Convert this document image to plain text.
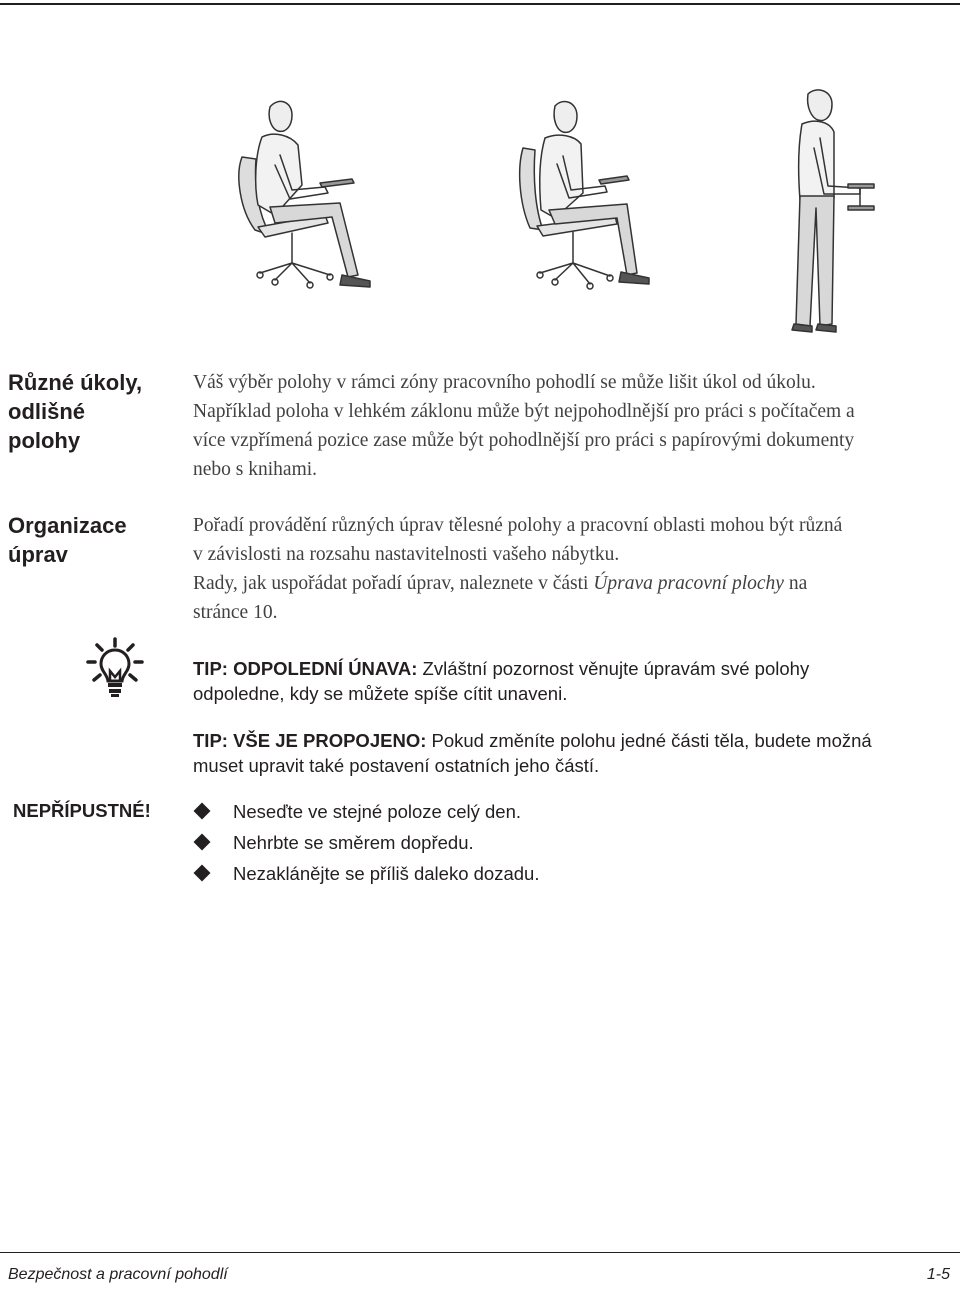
Různé úkoly,
odlišné
polohy
Váš výběr polohy v rámci zóny pracovního pohodlí se může lišit úkol od úkolu.
Například poloha v lehkém záklonu může být nejpohodlnější pro práci s počítačem a
více vzpřímená pozice zase může být pohodlnější pro práci s papírovými dokumenty
nebo s knihami.
Organizace
úprav
Pořadí provádění různých úprav tělesné polohy a pracovní oblasti mohou být různá
v závislosti na rozsahu nastavitelnosti vašeho nábytku.
Rady, jak uspořádat pořadí úprav, naleznete v části Úprava pracovní plochy na
stránce 10.
TIP: ODPOLEDNÍ ÚNAVA: Zvláštní pozornost věnujte úpravám své polohy
odpoledne, kdy se můžete spíše cítit unaveni.
TIP: VŠE JE PROPOJENO: Pokud změníte polohu jedné části těla, budete možná
muset upravit také postavení ostatních jeho částí.
NEPŘÍPUSTNÉ!	Neseďte ve stejné poloze celý den.
Nehrbte se směrem dopředu.
Nezaklánějte se příliš daleko dozadu.
Bezpečnost a pracovní pohodlí	1-5
